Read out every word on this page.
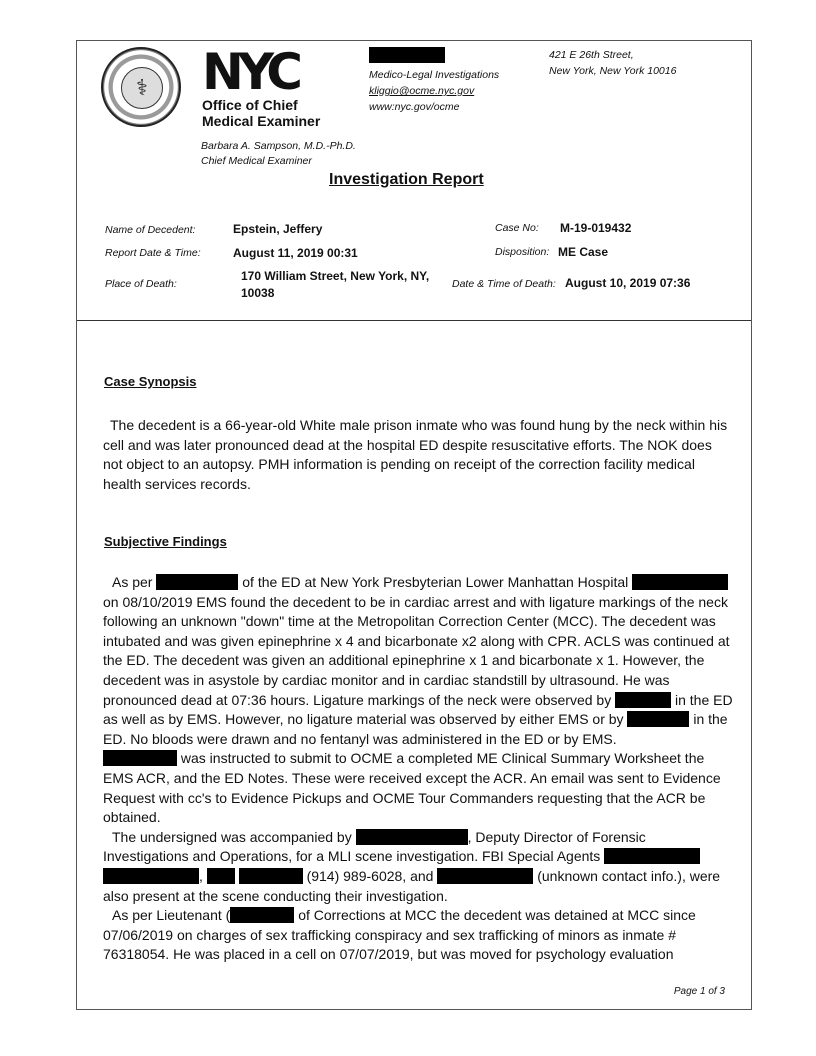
⚕	NYC
Office of Chief
Medical Examiner
Medico-Legal Investigations
kliggio@ocme.nyc.gov
www:nyc.gov/ocme
421 E 26th Street,
New York, New York 10016
Barbara A. Sampson, M.D.-Ph.D.
Chief Medical Examiner
Investigation Report
Name of Decedent:	Epstein, Jeffery	Case No: M-19-019432
Report Date & Time:	August 11, 2019 00:31	Disposition: ME Case
Place of Death:
170 William Street, New York, NY,
10038
Date & Time of Death: August 10, 2019 07:36
Case Synopsis
The decedent is a 66-year-old White male prison inmate who was found hung by the neck within his cell and was later pronounced dead at the hospital ED despite resuscitative efforts. The NOK does not object to an autopsy. PMH information is pending on receipt of the correction facility medical health services records.
Subjective Findings
As per	of the ED at New York Presbyterian Lower Manhattan Hospital  on 08/10/2019 EMS found the decedent to be in cardiac arrest and with ligature markings of the neck following an unknown "down" time at the Metropolitan Correction Center (MCC). The decedent was intubated and was given epinephrine x 4 and bicarbonate x2 along with CPR. ACLS was continued at the ED. The decedent was given an additional epinephrine x 1 and bicarbonate x 1. However, the decedent was in asystole by cardiac monitor and in cardiac standstill by ultrasound. He was pronounced dead at 07:36 hours. Ligature markings of the neck were observed by	in the ED as well as by EMS. However, no ligature material was observed by either EMS or by	in the ED. No bloods were drawn and no fentanyl was administered in the ED or by EMS.
was instructed to submit to OCME a completed ME Clinical Summary Worksheet the EMS ACR, and the ED Notes. These were received except the ACR. An email was sent to Evidence Request with cc's to Evidence Pickups and OCME Tour Commanders requesting that the ACR be obtained.
The undersigned was accompanied by	, Deputy Director of Forensic Investigations and Operations, for a MLI scene investigation. FBI Special Agents  ,	(914) 989-6028, and	(unknown contact info.), were also present at the scene conducting their investigation.
As per Lieutenant (	of Corrections at MCC the decedent was detained at MCC since 07/06/2019 on charges of sex trafficking conspiracy and sex trafficking of minors as inmate # 76318054. He was placed in a cell on 07/07/2019, but was moved for psychology evaluation
Page 1 of 3
